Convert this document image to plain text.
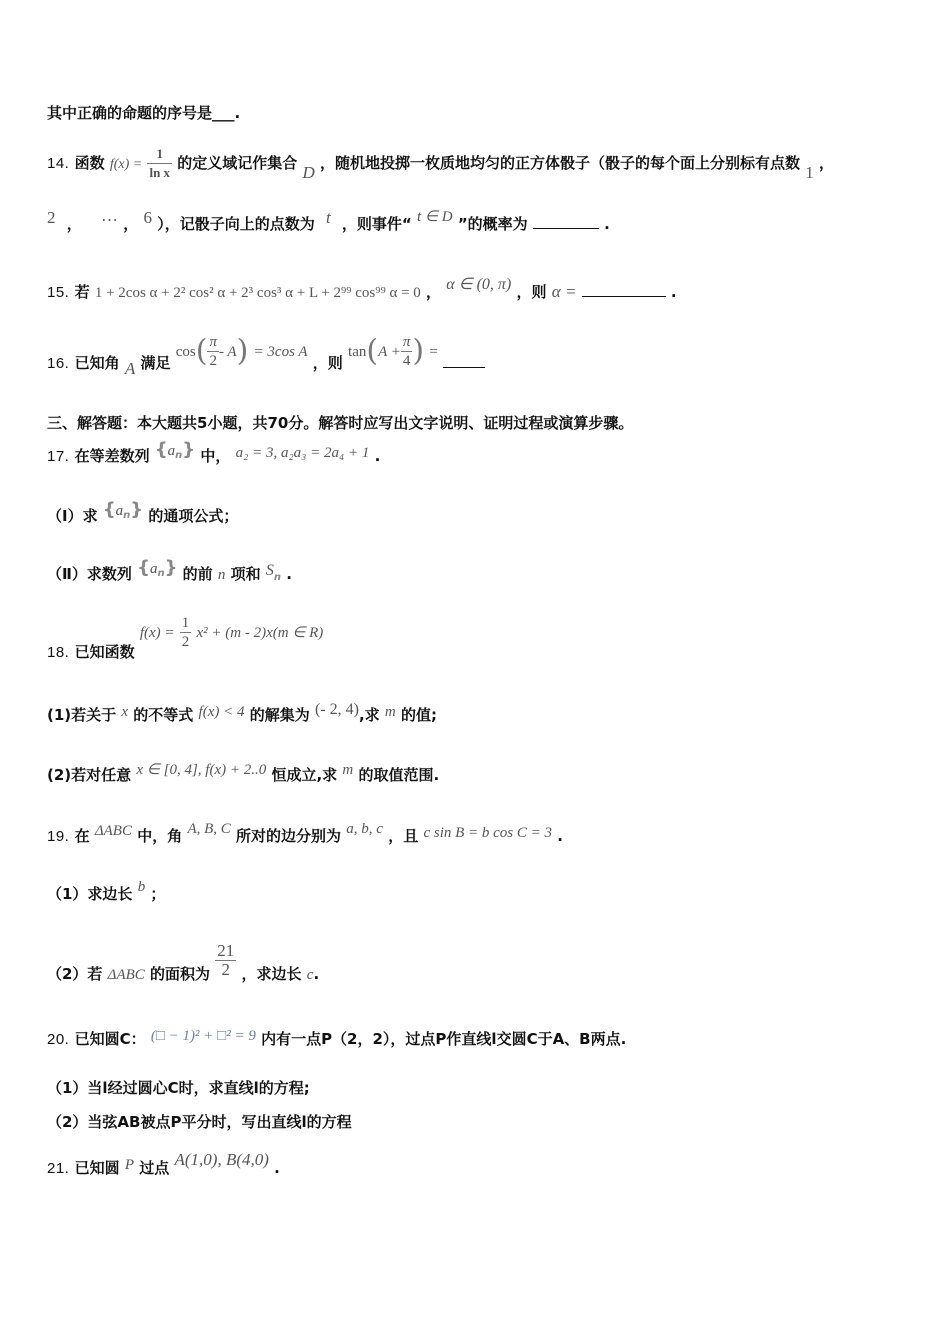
其中正确的命题的序号是___.
14. 函数 $f(x) = \frac{1}{\text{ln x}}$ 的定义域记作集合 D ，随机地投掷一枚质地均匀的正方体骰子（骰子的每个面上分别标有点数 1 ，
2 ， … ， 6 ），记骰子向上的点数为 t ，则事件“ t ∈ D ”的概率为	.
15. 若 1 + 2cos α + 2² cos² α + 2³ cos³ α + L + 2⁹⁹ cos⁹⁹ α = 0 ， α ∈ (0, π) ，则 α =	.
16. 已知角 A 满足 $\cos( \frac{\pi}{2} - A) = 3\cos$ A ，则 $\tan(A + \frac{\pi}{4}$ ) =
三、解答题：本大题共5小题，共70分。解答时应写出文字说明、证明过程或演算步骤。
17. 在等差数列 $\{a_n\}$ 中， a₂ = 3, a₂a₃ = 2a₄ + 1 .
（Ⅰ）求 $\{a_n\}$ 的通项公式；
（Ⅱ）求数列 $\{a_n\}$ 的前 n 项和 $S_n$ .
18. 已知函数 $f(x) = \frac{1}{2} x^2 + (m - 2)x(m$ ∈ R)
(1)若关于 x 的不等式 f(x) < 4 的解集为 (- 2, 4),求 m 的值;
(2)若对任意 x ∈ [0, 4], f(x) + 2..0 恒成立,求 m 的取值范围.
19. 在 ΔABC 中，角 A, B, C 所对的边分别为 a, b, c ，且 c sin B = b cos C = 3 .
（1）求边长 b ；
（2）若 ΔABC 的面积为 $\frac{21}{2}$ ，求边长 c.
20. 已知圆C： (□ − 1)² + □² = 9 内有一点P（2，2），过点P作直线l交圆C于A、B两点.
（1）当l经过圆心C时，求直线l的方程;
（2）当弦AB被点P平分时，写出直线l的方程
21. 已知圆 P 过点 A(1,0), B(4,0) .
